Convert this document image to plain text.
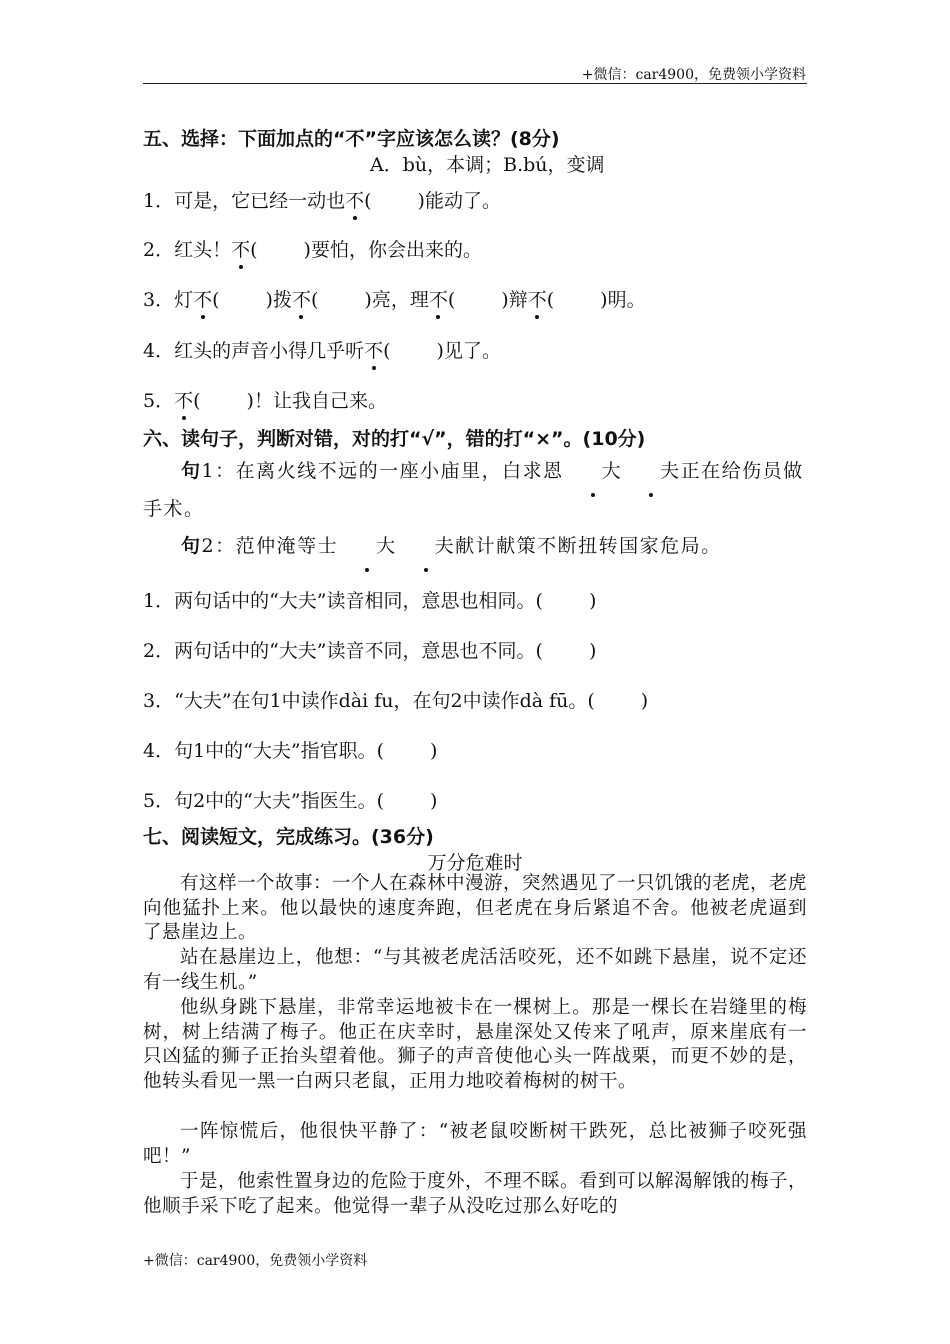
+微信：car4900，免费领小学资料
五、选择：下面加点的“不”字应该怎么读？(8分)
A．bù，本调；B.bú，变调
1．可是，它已经一动也不( )能动了。
2．红头！不( )要怕，你会出来的。
3．灯不( )拨不( )亮，理不( )辩不( )明。
4．红头的声音小得几乎听不( )见了。
5．不( )！让我自己来。
六、读句子，判断对错，对的打“√”，错的打“×”。(10分)
句1：在离火线不远的一座小庙里，白求恩 大 夫正在给伤员做手术。
句2：范仲淹等士 大 夫献计献策不断扭转国家危局。
1．两句话中的“大夫”读音相同，意思也相同。( )
2．两句话中的“大夫”读音不同，意思也不同。( )
3．“大夫”在句1中读作dài fu，在句2中读作dà fū。( )
4．句1中的“大夫”指官职。( )
5．句2中的“大夫”指医生。( )
七、阅读短文，完成练习。(36分)
万分危难时
有这样一个故事：一个人在森林中漫游，突然遇见了一只饥饿的老虎，老虎向他猛扑上来。他以最快的速度奔跑，但老虎在身后紧追不舍。他被老虎逼到了悬崖边上。
站在悬崖边上，他想：“与其被老虎活活咬死，还不如跳下悬崖，说不定还有一线生机。”
他纵身跳下悬崖，非常幸运地被卡在一棵树上。那是一棵长在岩缝里的梅树，树上结满了梅子。他正在庆幸时，悬崖深处又传来了吼声，原来崖底有一只凶猛的狮子正抬头望着他。狮子的声音使他心头一阵战栗，而更不妙的是，他转头看见一黑一白两只老鼠，正用力地咬着梅树的树干。
一阵惊慌后，他很快平静了：“被老鼠咬断树干跌死，总比被狮子咬死强吧！”
于是，他索性置身边的危险于度外，不理不睬。看到可以解渴解饿的梅子，他顺手采下吃了起来。他觉得一辈子从没吃过那么好吃的
+微信：car4900，免费领小学资料
